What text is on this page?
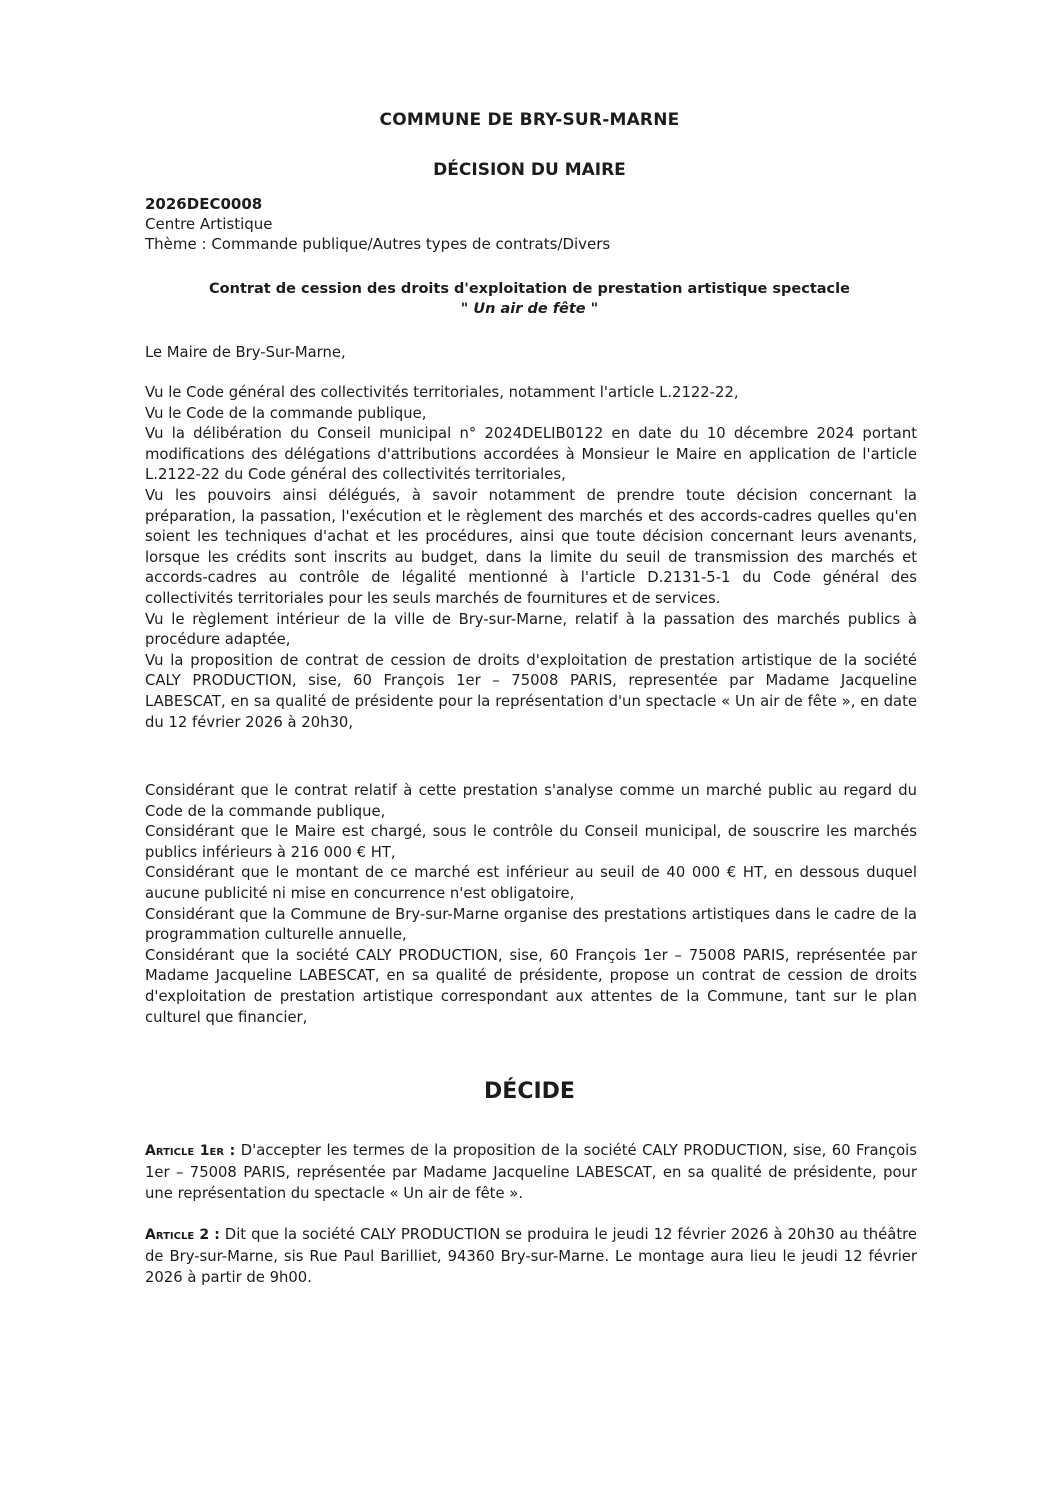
COMMUNE DE BRY-SUR-MARNE
DÉCISION DU MAIRE
2026DEC0008
Centre Artistique
Thème : Commande publique/Autres types de contrats/Divers
Contrat de cession des droits d'exploitation de prestation artistique spectacle
" Un air de fête "
Le Maire de Bry-Sur-Marne,

Vu le Code général des collectivités territoriales, notamment l'article L.2122-22,

Vu le Code de la commande publique,

Vu la délibération du Conseil municipal n° 2024DELIB0122 en date du 10 décembre 2024 portant modifications des délégations d'attributions accordées à Monsieur le Maire en application de l'article L.2122-22 du Code général des collectivités territoriales,

Vu les pouvoirs ainsi délégués, à savoir notamment de prendre toute décision concernant la préparation, la passation, l'exécution et le règlement des marchés et des accords-cadres quelles qu'en soient les techniques d'achat et les procédures, ainsi que toute décision concernant leurs avenants, lorsque les crédits sont inscrits au budget, dans la limite du seuil de transmission des marchés et accords-cadres au contrôle de légalité mentionné à l'article D.2131-5-1 du Code général des collectivités territoriales pour les seuls marchés de fournitures et de services.

Vu le règlement intérieur de la ville de Bry-sur-Marne, relatif à la passation des marchés publics à procédure adaptée,

Vu la proposition de contrat de cession de droits d'exploitation de prestation artistique de la société CALY PRODUCTION, sise, 60 François 1er – 75008 PARIS, representée par Madame Jacqueline LABESCAT, en sa qualité de présidente pour la représentation d'un spectacle « Un air de fête », en date du 12 février 2026 à 20h30,

Considérant que le contrat relatif à cette prestation s'analyse comme un marché public au regard du Code de la commande publique,

Considérant que le Maire est chargé, sous le contrôle du Conseil municipal, de souscrire les marchés publics inférieurs à 216 000 € HT,

Considérant que le montant de ce marché est inférieur au seuil de 40 000 € HT, en dessous duquel aucune publicité ni mise en concurrence n'est obligatoire,

Considérant que la Commune de Bry-sur-Marne organise des prestations artistiques dans le cadre de la programmation culturelle annuelle,

Considérant que la société CALY PRODUCTION, sise, 60 François 1er – 75008 PARIS, représentée par Madame Jacqueline LABESCAT, en sa qualité de présidente, propose un contrat de cession de droits d'exploitation de prestation artistique correspondant aux attentes de la Commune, tant sur le plan culturel que financier,

DÉCIDE
Article 1er : D'accepter les termes de la proposition de la société CALY PRODUCTION, sise, 60 François 1er – 75008 PARIS, représentée par Madame Jacqueline LABESCAT, en sa qualité de présidente, pour une représentation du spectacle « Un air de fête ».
Article 2 : Dit que la société CALY PRODUCTION se produira le jeudi 12 février 2026 à 20h30 au théâtre de Bry-sur-Marne, sis Rue Paul Barilliet, 94360 Bry-sur-Marne. Le montage aura lieu le jeudi 12 février 2026 à partir de 9h00.
